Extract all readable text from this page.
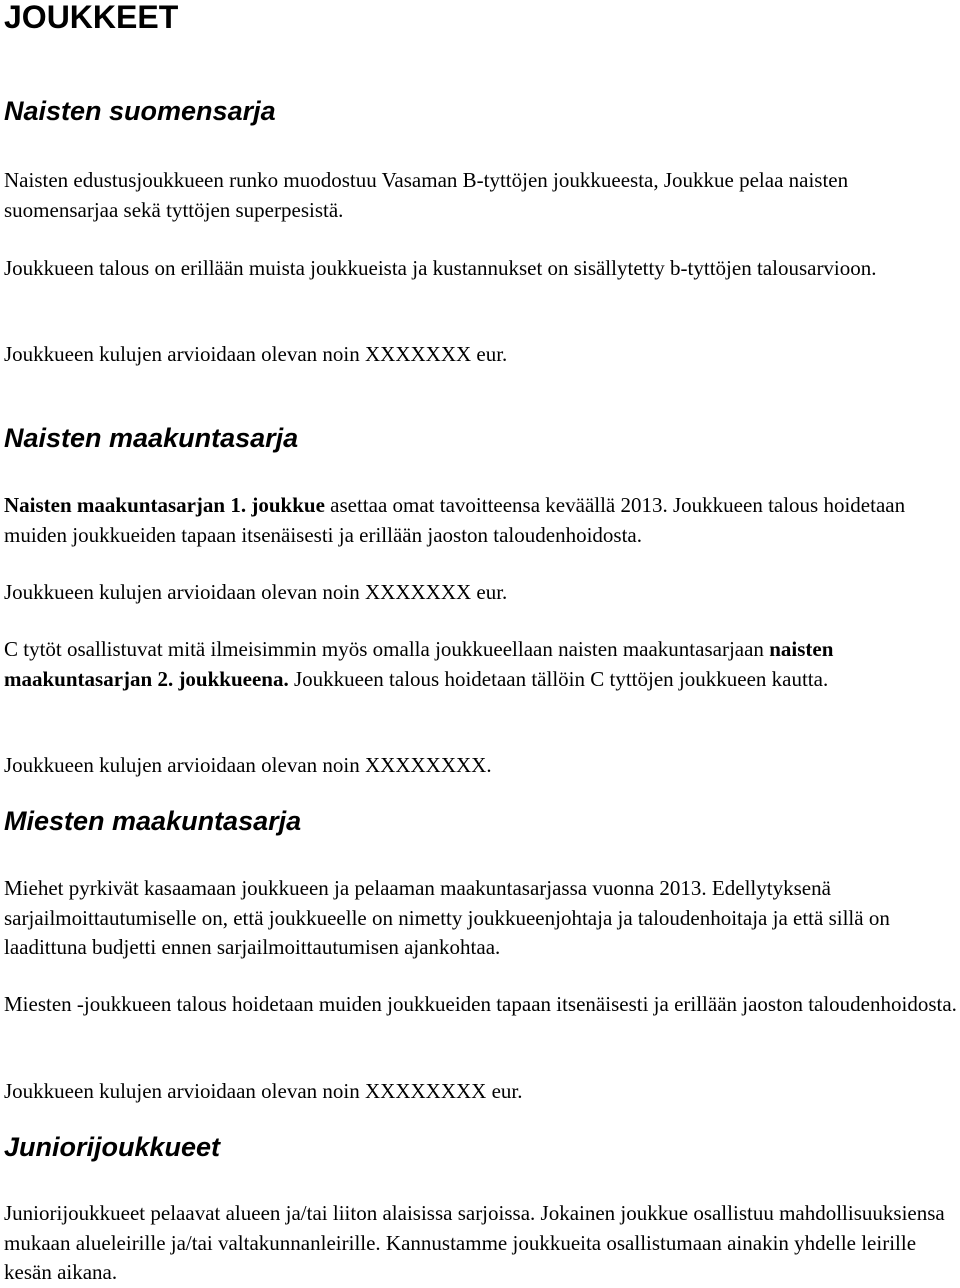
JOUKKEET
Naisten suomensarja

Naisten edustusjoukkueen runko muodostuu Vasaman B-tyttöjen joukkueesta, Joukkue pelaa naisten suomensarjaa sekä tyttöjen superpesistä.

Joukkueen talous on erillään muista joukkueista ja kustannukset on sisällytetty b-tyttöjen talousarvioon.

Joukkueen kulujen arvioidaan olevan noin XXXXXXX eur.

Naisten maakuntasarja

Naisten maakuntasarjan 1. joukkue asettaa omat tavoitteensa keväällä 2013. Joukkueen talous hoidetaan muiden joukkueiden tapaan itsenäisesti ja erillään jaoston taloudenhoidosta.

Joukkueen kulujen arvioidaan olevan noin XXXXXXX eur.

C tytöt osallistuvat mitä ilmeisimmin myös omalla joukkueellaan naisten maakuntasarjaan naisten maakuntasarjan 2. joukkueena. Joukkueen talous hoidetaan tällöin C tyttöjen joukkueen kautta.

Joukkueen kulujen arvioidaan olevan noin XXXXXXXX.

Miesten maakuntasarja

Miehet pyrkivät kasaamaan joukkueen ja pelaaman maakuntasarjassa vuonna 2013. Edellytyksenä sarjailmoittautumiselle on, että joukkueelle on nimetty joukkueenjohtaja ja taloudenhoitaja ja että sillä on laadittuna budjetti ennen sarjailmoittautumisen ajankohtaa.

Miesten -joukkueen talous hoidetaan muiden joukkueiden tapaan itsenäisesti ja erillään jaoston taloudenhoidosta.

Joukkueen kulujen arvioidaan olevan noin XXXXXXXX eur.

Juniorijoukkueet

Juniorijoukkueet pelaavat alueen ja/tai liiton alaisissa sarjoissa. Jokainen joukkue osallistuu mahdollisuuksiensa mukaan alueleirille ja/tai valtakunnanleirille. Kannustamme joukkueita osallistumaan ainakin yhdelle leirille kesän aikana.
